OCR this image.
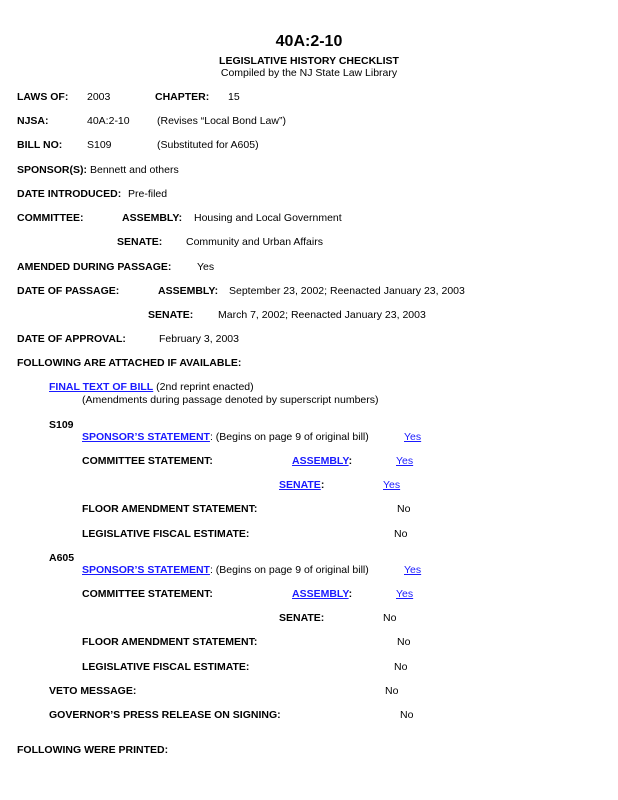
40A:2-10
LEGISLATIVE HISTORY CHECKLIST
Compiled by the NJ State Law Library
LAWS OF: 2003	CHAPTER: 15
NJSA:	40A:2-10	(Revises “Local Bond Law”)
BILL NO: S109	(Substituted for A605)
SPONSOR(S): Bennett and others
DATE INTRODUCED: Pre-filed
COMMITTEE:	ASSEMBLY: Housing and Local Government
SENATE: Community and Urban Affairs
AMENDED DURING PASSAGE: Yes
DATE OF PASSAGE:	ASSEMBLY: September 23, 2002; Reenacted January 23, 2003
SENATE: March 7, 2002; Reenacted January 23, 2003
DATE OF APPROVAL:	February 3, 2003
FOLLOWING ARE ATTACHED IF AVAILABLE:
FINAL TEXT OF BILL (2nd reprint enacted)
(Amendments during passage denoted by superscript numbers)
S109
SPONSOR’S STATEMENT: (Begins on page 9 of original bill)	Yes
COMMITTEE STATEMENT:	ASSEMBLY:	Yes
SENATE:	Yes
FLOOR AMENDMENT STATEMENT:	No
LEGISLATIVE FISCAL ESTIMATE:	No
A605
SPONSOR’S STATEMENT: (Begins on page 9 of original bill)	Yes
COMMITTEE STATEMENT:	ASSEMBLY:	Yes
SENATE:	No
FLOOR AMENDMENT STATEMENT:	No
LEGISLATIVE FISCAL ESTIMATE:	No
VETO MESSAGE:	No
GOVERNOR’S PRESS RELEASE ON SIGNING:	No
FOLLOWING WERE PRINTED:
